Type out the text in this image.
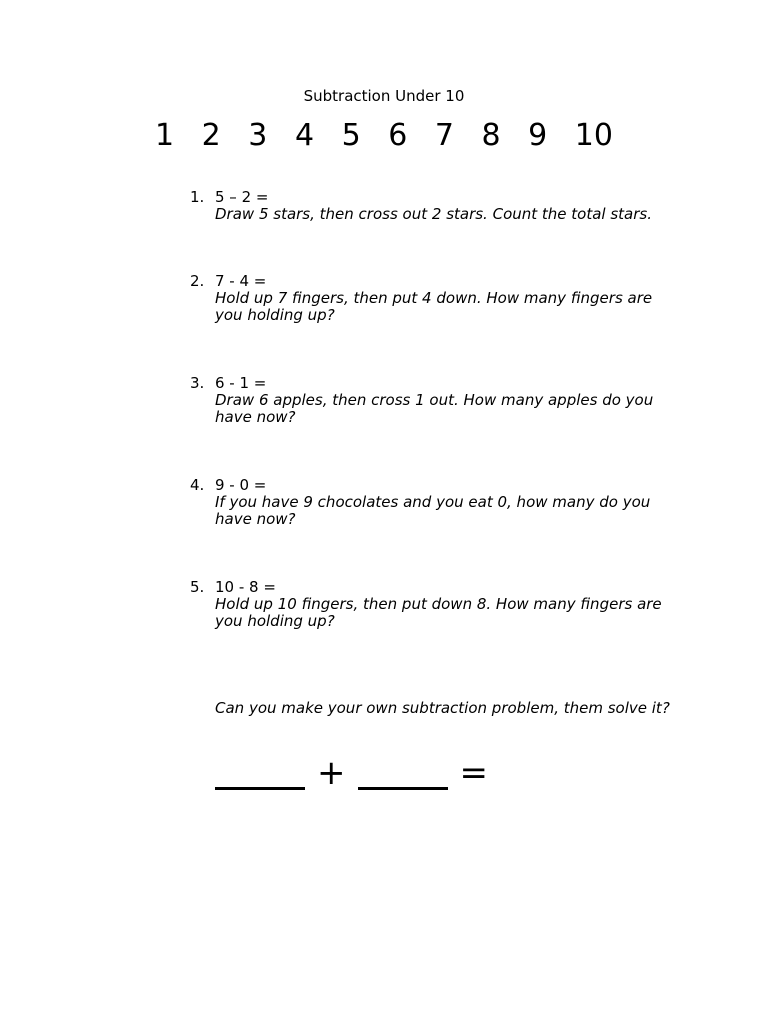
Subtraction Under 10
1 2 3 4 5 6 7 8 9 10
1. 5 – 2 =
Draw 5 stars, then cross out 2 stars. Count the total stars.
2. 7 - 4 =
Hold up 7 fingers, then put 4 down. How many fingers are you holding up?
3. 6 - 1 =
Draw 6 apples, then cross 1 out. How many apples do you have now?
4. 9 - 0 =
If you have 9 chocolates and you eat 0, how many do you have now?
5. 10 - 8 =
Hold up 10 fingers, then put down 8. How many fingers are you holding up?
Can you make your own subtraction problem, them solve it?
+	=
